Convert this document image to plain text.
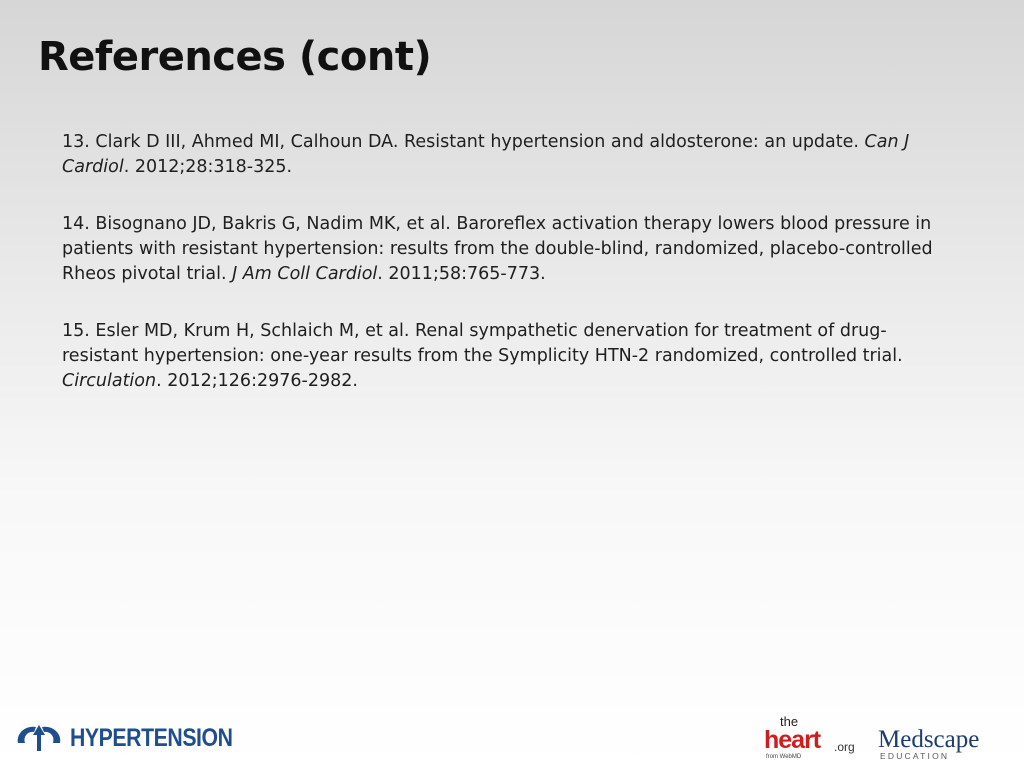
References (cont)

13. Clark D III, Ahmed MI, Calhoun DA. Resistant hypertension and aldosterone: an update. Can J Cardiol. 2012;28:318-325.

14. Bisognano JD, Bakris G, Nadim MK, et al. Baroreflex activation therapy lowers blood pressure in patients with resistant hypertension: results from the double-blind, randomized, placebo-controlled Rheos pivotal trial. J Am Coll Cardiol. 2011;58:765-773.

15. Esler MD, Krum H, Schlaich M, et al. Renal sympathetic denervation for treatment of drug-resistant hypertension: one-year results from the Symplicity HTN-2 randomized, controlled trial. Circulation. 2012;126:2976-2982.

HYPERTENSION
the
heart .org
from WebMD
Medscape
EDUCATION
